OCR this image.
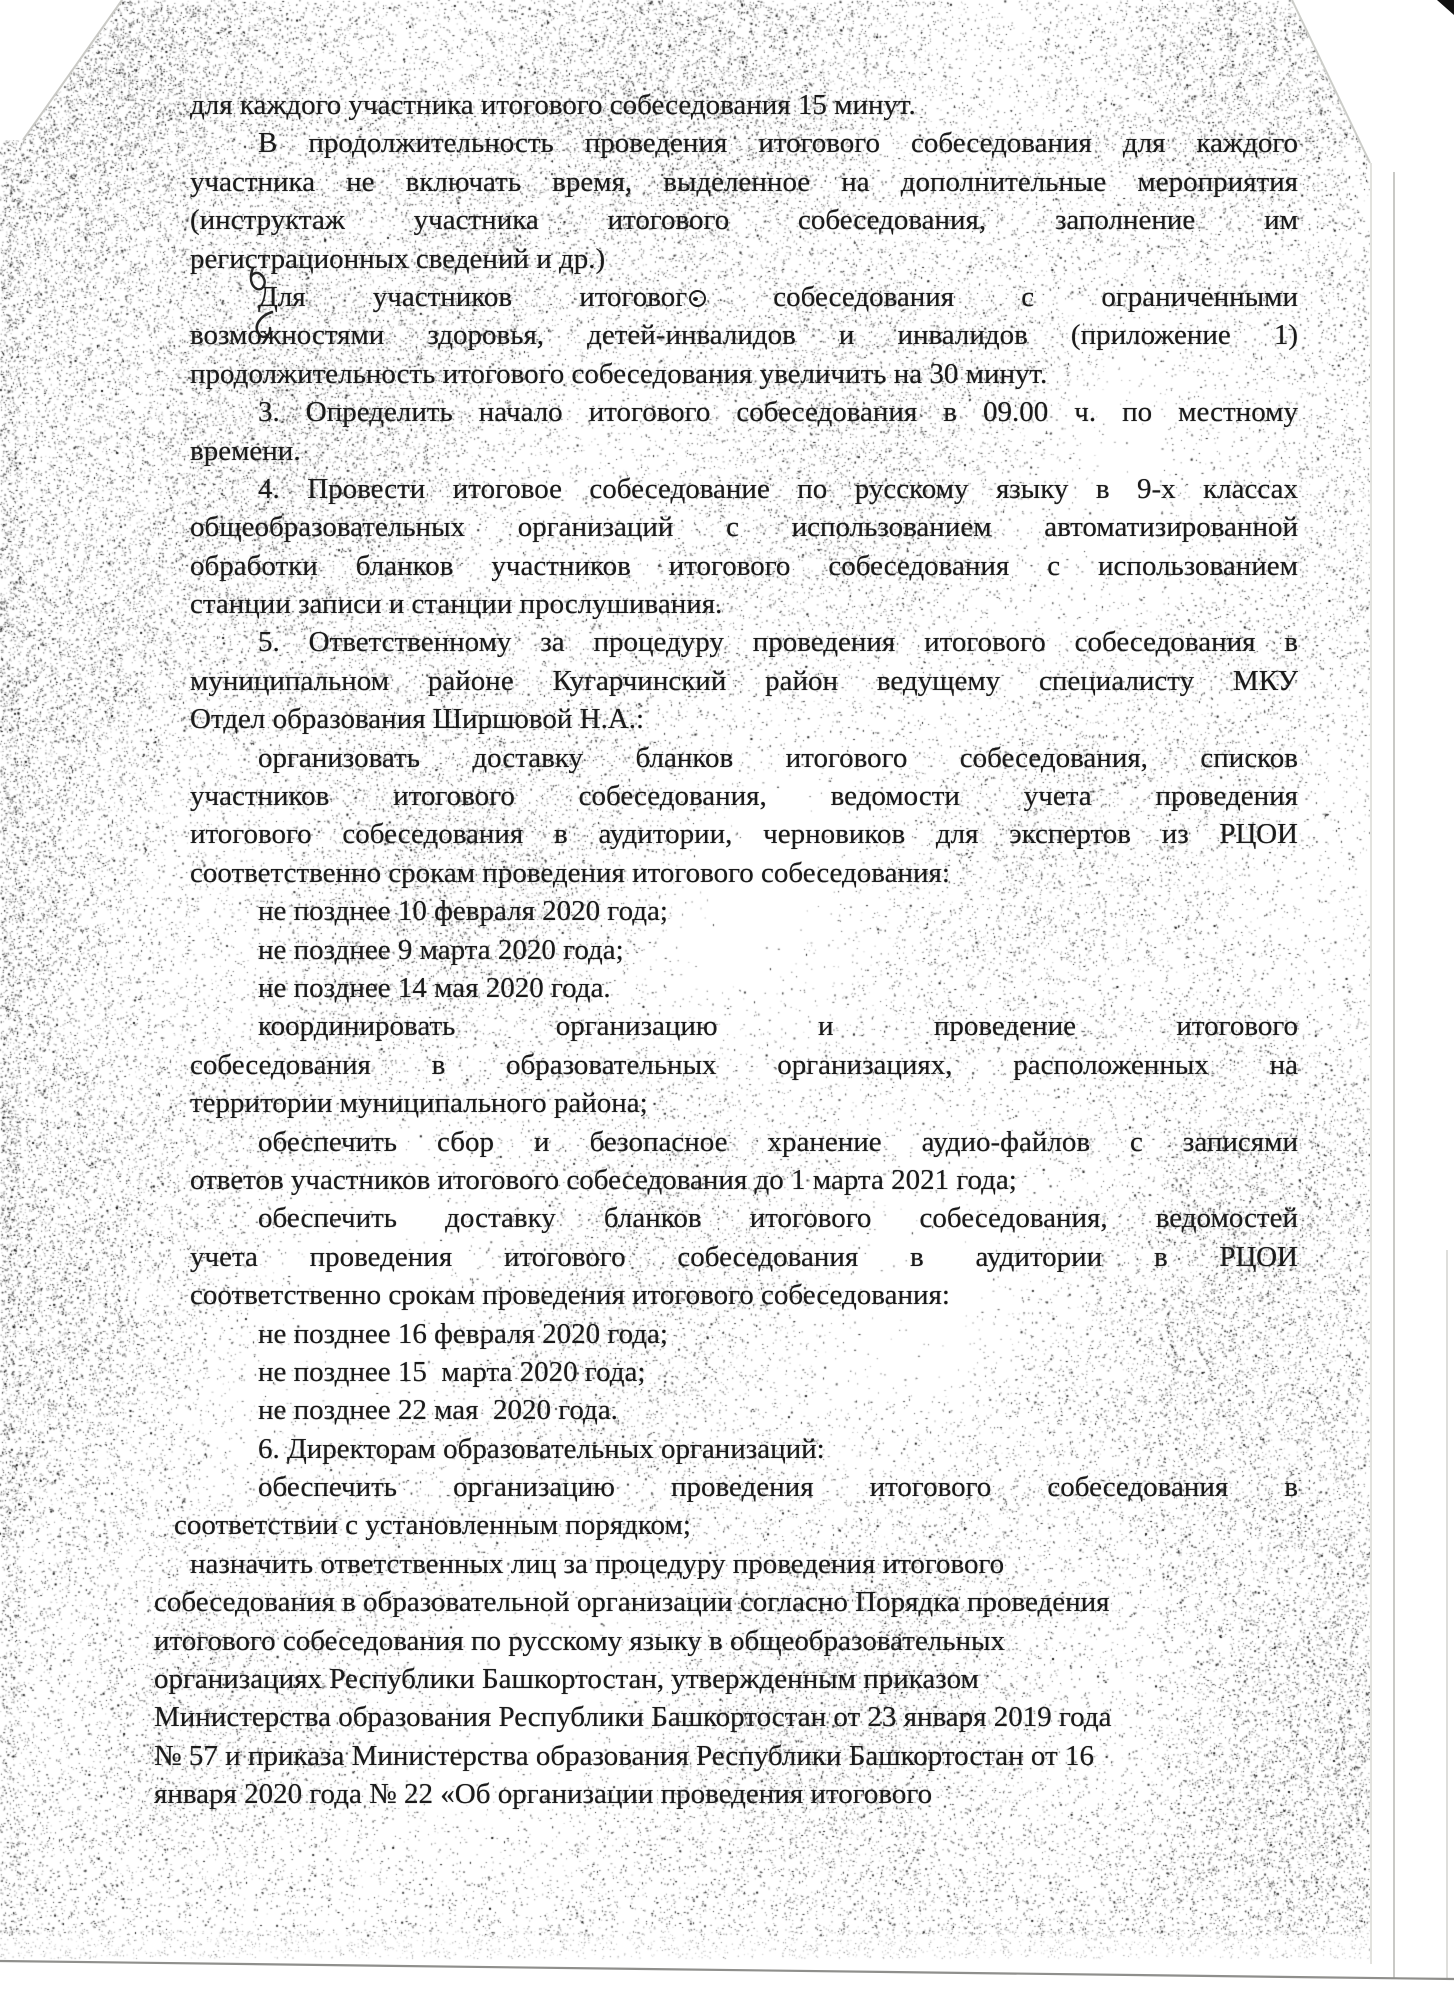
для каждого участника итогового собеседования 15 минут.
В продолжительность проведения итогового собеседования для каждого
участника не включать время, выделенное на дополнительные мероприятия
(инструктаж участника итогового собеседования, заполнение им
регистрационных сведений и др.)
Для участников итоговог	собеседования с ограниченными
возможностями здоровья, детей-инвалидов и инвалидов (приложение 1)
продолжительность итогового собеседования увеличить на 30 минут.
3. Определить начало итогового собеседования в 09.00 ч. по местному
времени.
4. Провести итоговое собеседование по русскому языку в 9-х классах
общеобразовательных организаций с использованием автоматизированной
обработки бланков участников итогового собеседования с использованием
станции записи и станции прослушивания.
5. Ответственному за процедуру проведения итогового собеседования в
муниципальном районе Кугарчинский район ведущему специалисту МКУ
Отдел образования Ширшовой Н.А.:
организовать доставку бланков итогового собеседования, списков
участников итогового собеседования, ведомости учета проведения
итогового собеседования в аудитории, черновиков для экспертов из РЦОИ
соответственно срокам проведения итогового собеседования:
не позднее 10 февраля 2020 года;
не позднее 9 марта 2020 года;
не позднее 14 мая 2020 года.
координировать организацию и проведение итогового
собеседования в образовательных организациях, расположенных на
территории муниципального района;
обеспечить сбор и безопасное хранение аудио-файлов с записями
ответов участников итогового собеседования до 1 марта 2021 года;
обеспечить доставку бланков итогового собеседования, ведомостей
учета проведения итогового собеседования в аудитории в РЦОИ
соответственно срокам проведения итогового собеседования:
не позднее 16 февраля 2020 года;
не позднее 15  марта 2020 года;
не позднее 22 мая  2020 года.
6. Директорам образовательных организаций:
обеспечить организацию проведения итогового собеседования в
соответствии с установленным порядком;
назначить ответственных лиц за процедуру проведения итогового
собеседования в образовательной организации согласно Порядка проведения
итогового собеседования по русскому языку в общеобразовательных
организациях Республики Башкортостан, утвержденным приказом
Министерства образования Республики Башкортостан от 23 января 2019 года
№ 57 и приказа Министерства образования Республики Башкортостан от 16
января 2020 года № 22 «Об организации проведения итогового
